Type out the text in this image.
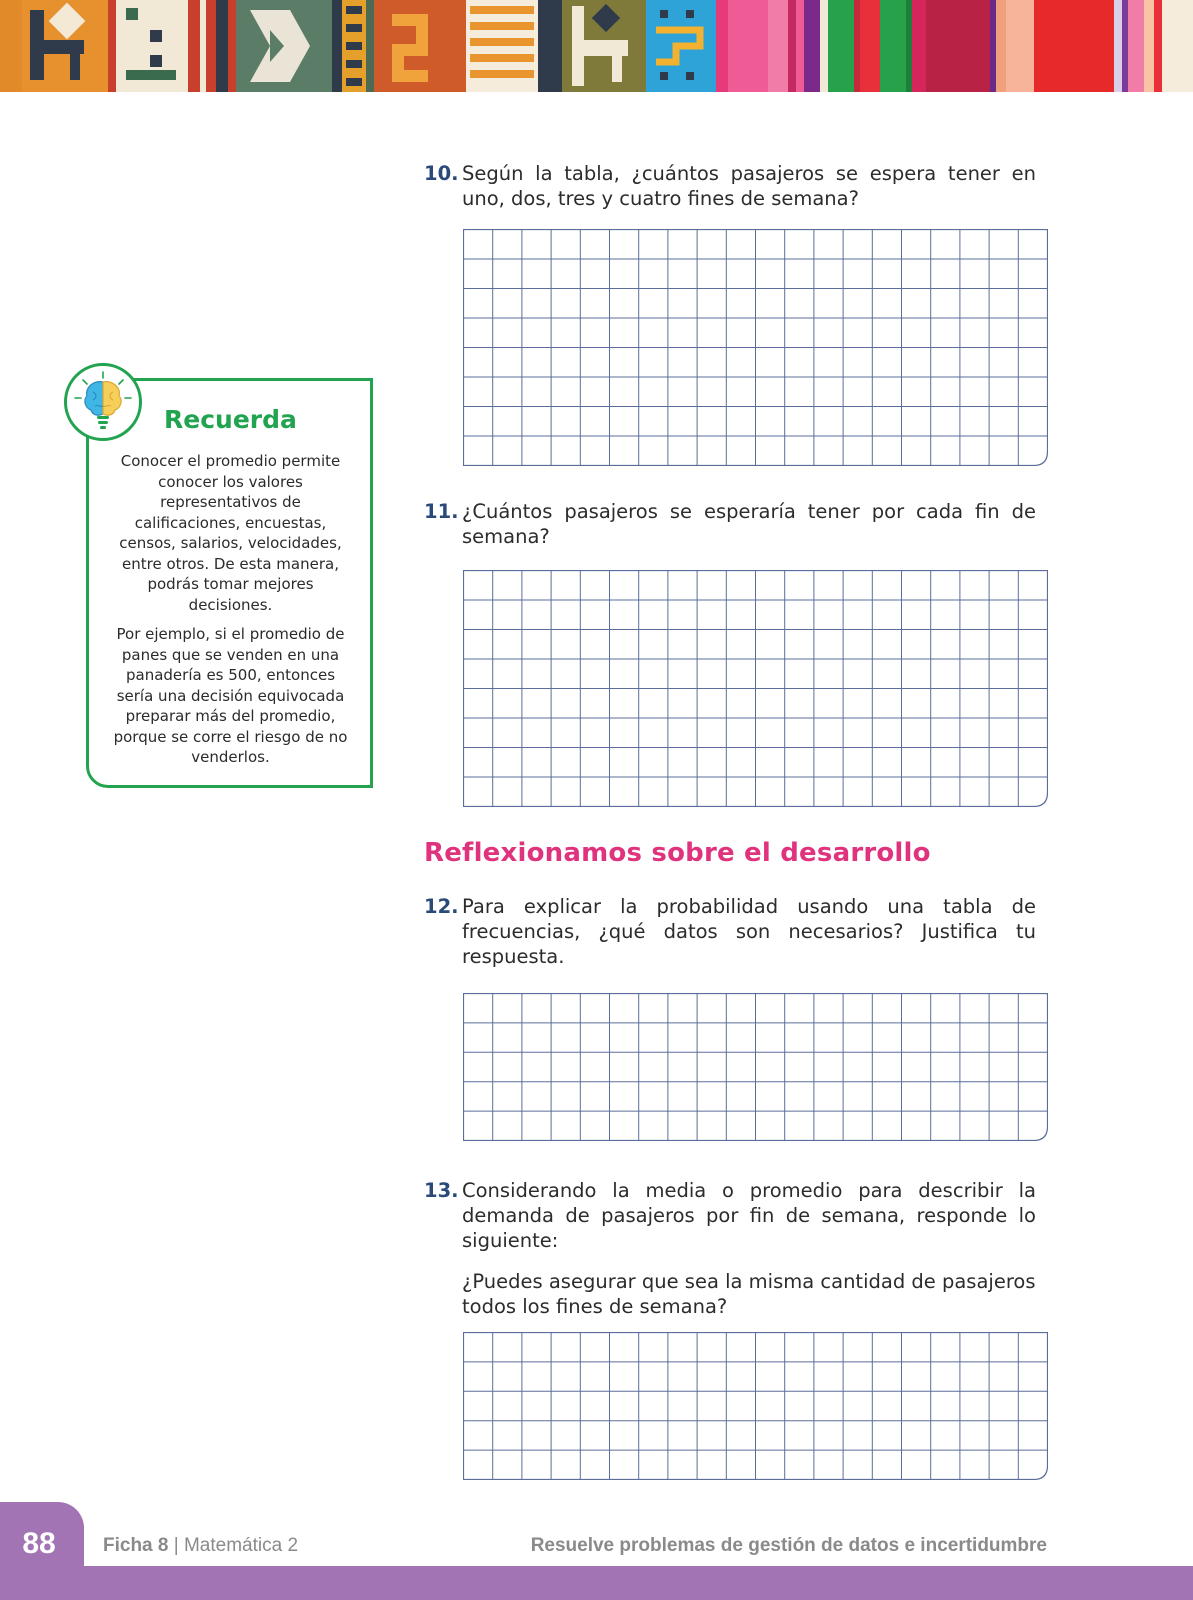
10. Según la tabla, ¿cuántos pasajeros se espera tener en uno, dos, tres y cuatro fines de semana?
11. ¿Cuántos pasajeros se esperaría tener por cada fin de semana?
Reflexionamos sobre el desarrollo
12. Para explicar la probabilidad usando una tabla de frecuencias, ¿qué datos son necesarios? Justifica tu respuesta.
13. Considerando la media o promedio para describir la demanda de pasajeros por fin de semana, responde lo siguiente:
¿Puedes asegurar que sea la misma cantidad de pasajeros todos los fines de semana?
Recuerda
Conocer el promedio permite conocer los valores representativos de calificaciones, encuestas, censos, salarios, velocidades, entre otros. De esta manera, podrás tomar mejores decisiones.
Por ejemplo, si el promedio de panes que se venden en una panadería es 500, entonces sería una decisión equivocada preparar más del promedio, porque se corre el riesgo de no venderlos.
88	Ficha 8 | Matemática 2	Resuelve problemas de gestión de datos e incertidumbre
